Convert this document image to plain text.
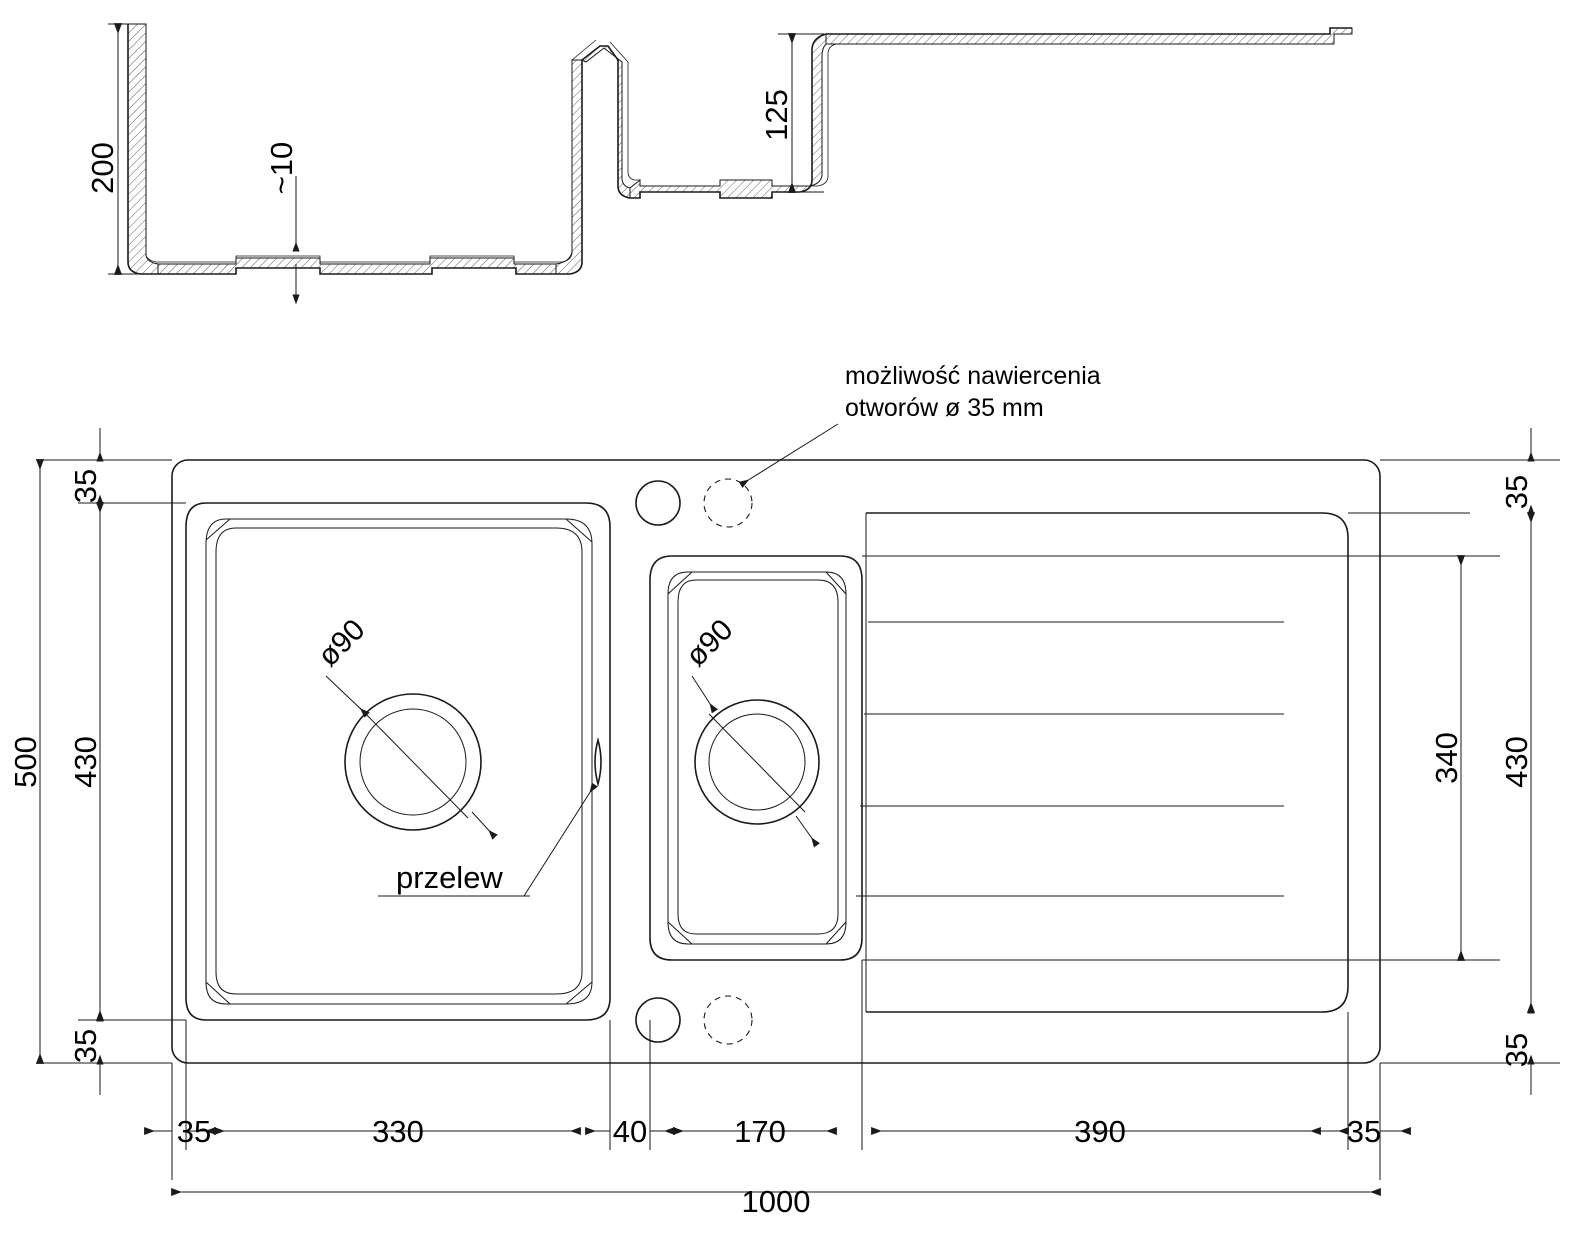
200	~10
125
ø90
przelew
ø90
możliwość nawiercenia
otworów ø 35 mm
35
430
35
500
35
340 430
35
35	330	40	170	390	35
1000
